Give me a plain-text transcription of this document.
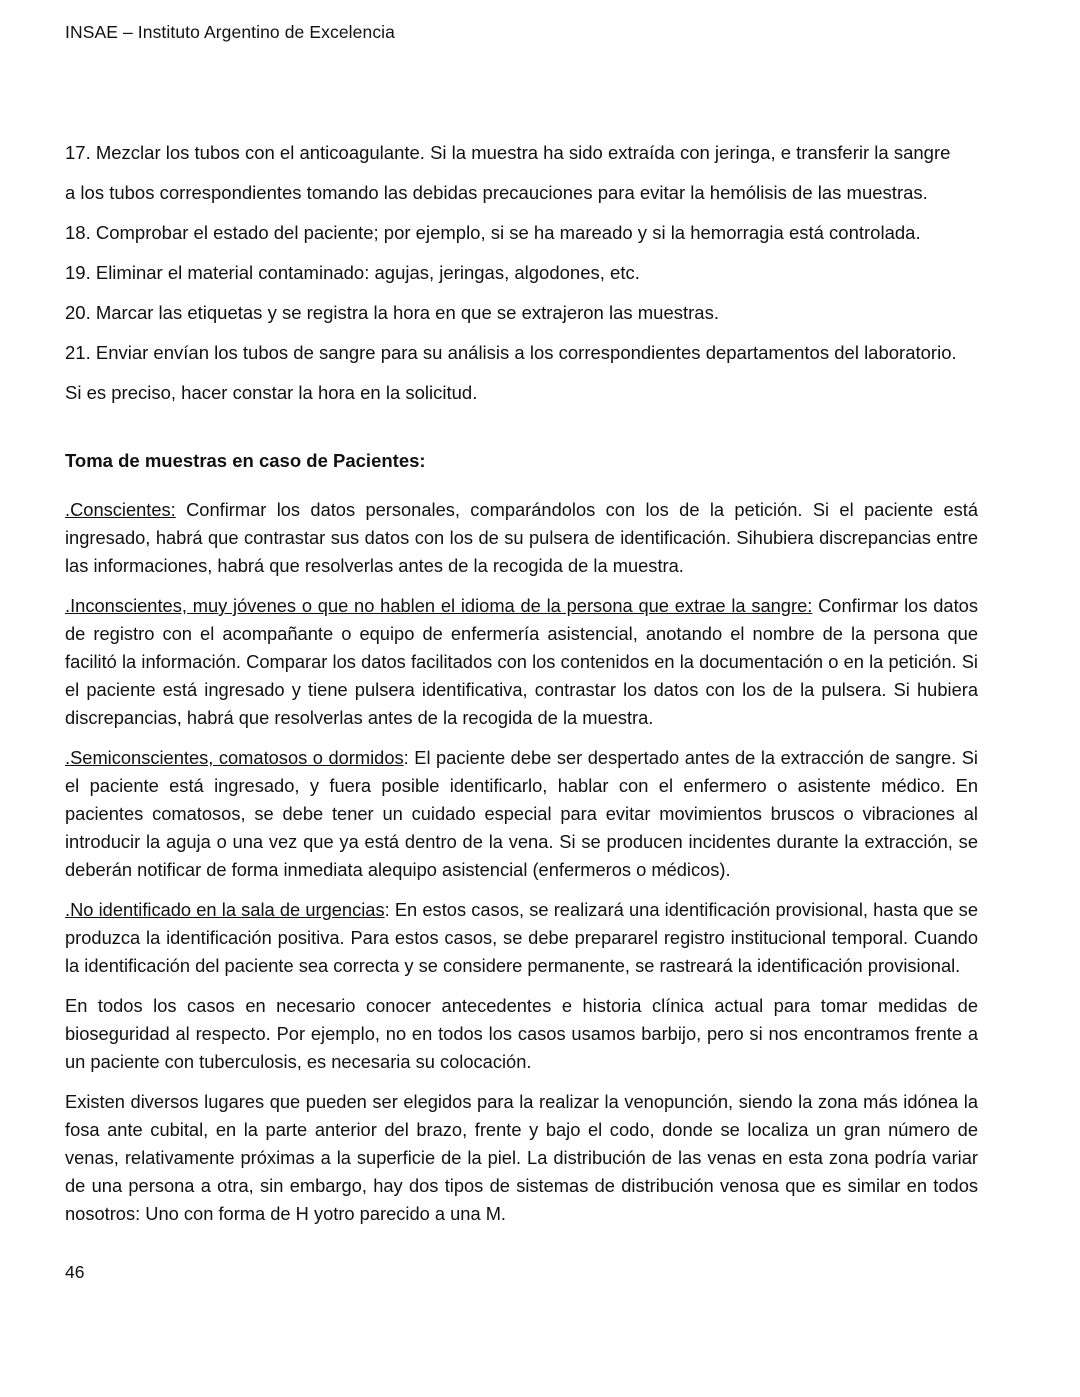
INSAE – Instituto Argentino de Excelencia
17. Mezclar los tubos con el anticoagulante. Si la muestra ha sido extraída con jeringa, e transferir la sangre
a los tubos correspondientes tomando las debidas precauciones para evitar la hemólisis de las muestras.
18. Comprobar el estado del paciente; por ejemplo, si se ha mareado y si la hemorragia está controlada.
19. Eliminar el material contaminado: agujas, jeringas, algodones, etc.
20. Marcar las etiquetas y se registra la hora en que se extrajeron las muestras.
21. Enviar envían los tubos de sangre para su análisis a los correspondientes departamentos del laboratorio.
Si es preciso, hacer constar la hora en la solicitud.
Toma de muestras en caso de Pacientes:

.Conscientes: Confirmar los datos personales, comparándolos con los de la petición. Si el paciente está ingresado, habrá que contrastar sus datos con los de su pulsera de identificación. Sihubiera discrepancias entre las informaciones, habrá que resolverlas antes de la recogida de la muestra.

.Inconscientes, muy jóvenes o que no hablen el idioma de la persona que extrae la sangre: Confirmar los datos de registro con el acompañante o equipo de enfermería asistencial, anotando el nombre de la persona que facilitó la información. Comparar los datos facilitados con los contenidos en la documentación o en la petición. Si el paciente está ingresado y tiene pulsera identificativa, contrastar los datos con los de la pulsera. Si hubiera discrepancias, habrá que resolverlas antes de la recogida de la muestra.

.Semiconscientes, comatosos o dormidos: El paciente debe ser despertado antes de la extracción de sangre. Si el paciente está ingresado, y fuera posible identificarlo, hablar con el enfermero o asistente médico. En pacientes comatosos, se debe tener un cuidado especial para evitar movimientos bruscos o vibraciones al introducir la aguja o una vez que ya está dentro de la vena. Si se producen incidentes durante la extracción, se deberán notificar de forma inmediata alequipo asistencial (enfermeros o médicos).

.No identificado en la sala de urgencias: En estos casos, se realizará una identificación provisional, hasta que se produzca la identificación positiva. Para estos casos, se debe prepararel registro institucional temporal. Cuando la identificación del paciente sea correcta y se considere permanente, se rastreará la identificación provisional.

En todos los casos en necesario conocer antecedentes e historia clínica actual para tomar medidas de bioseguridad al respecto. Por ejemplo, no en todos los casos usamos barbijo, pero si nos encontramos frente a un paciente con tuberculosis, es necesaria su colocación.

Existen diversos lugares que pueden ser elegidos para la realizar la venopunción, siendo la zona más idónea la fosa ante cubital, en la parte anterior del brazo, frente y bajo el codo, donde se localiza un gran número de venas, relativamente próximas a la superficie de la piel. La distribución de las venas en esta zona podría variar de una persona a otra, sin embargo, hay dos tipos de sistemas de distribución venosa que es similar en todos nosotros: Uno con forma de H yotro parecido a una M.

46
